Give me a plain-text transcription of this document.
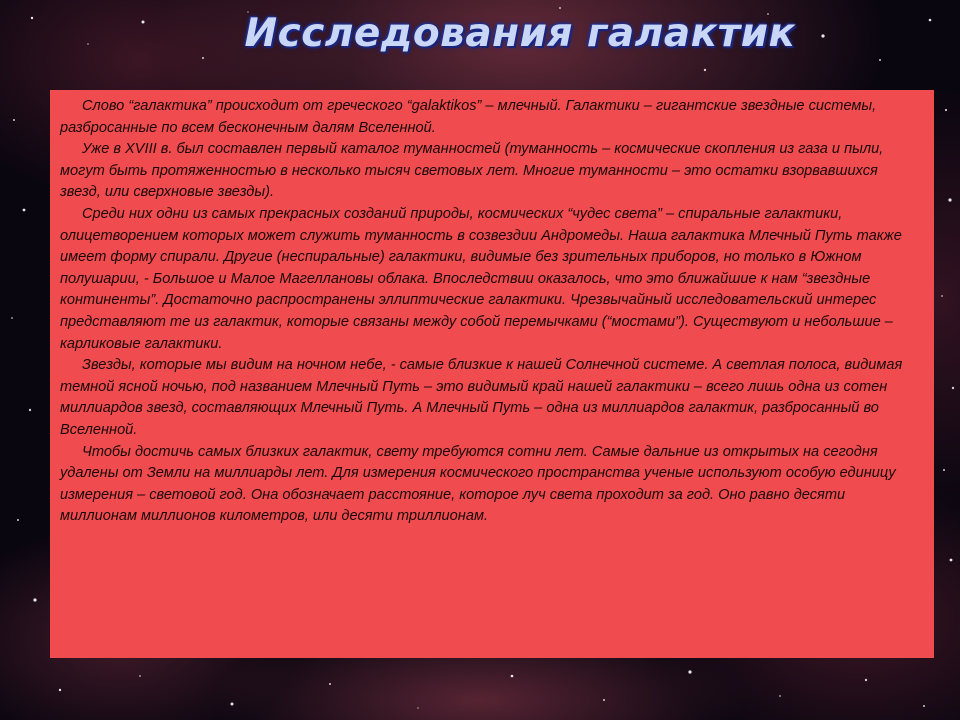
Исследования галактик

Слово “галактика” происходит от греческого “galaktikos” – млечный. Галактики – гигантские звездные системы, разбросанные по всем бесконечным далям Вселенной.

Уже в XVIII в. был составлен первый каталог туманностей (туманность – космические скопления из газа и пыли, могут быть протяженностью в несколько тысяч световых лет. Многие туманности – это остатки взорвавшихся звезд, или сверхновые звезды).

Среди них одни из самых прекрасных созданий природы, космических “чудес света” – спиральные галактики, олицетворением которых может служить туманность в созвездии Андромеды. Наша галактика Млечный Путь также имеет форму спирали. Другие (неспиральные) галактики, видимые без зрительных приборов, но только в Южном полушарии, - Большое и Малое Магеллановы облака. Впоследствии оказалось, что это ближайшие к нам “звездные континенты”. Достаточно распространены эллиптические галактики. Чрезвычайный исследовательский интерес представляют те из галактик, которые связаны между собой перемычками (“мостами”). Существуют и небольшие – карликовые галактики.

Звезды, которые мы видим на ночном небе, - самые близкие к нашей Солнечной системе. А светлая полоса, видимая темной ясной ночью, под названием Млечный Путь – это видимый край нашей галактики – всего лишь одна из сотен миллиардов звезд, составляющих Млечный Путь. А Млечный Путь – одна из миллиардов галактик, разбросанный во Вселенной.

Чтобы достичь самых близких галактик, свету требуются сотни лет. Самые дальние из открытых на сегодня удалены от Земли на миллиарды лет. Для измерения космического пространства ученые используют особую единицу измерения – световой год. Она обозначает расстояние, которое луч света проходит за год. Оно равно десяти миллионам миллионов километров, или десяти триллионам.
